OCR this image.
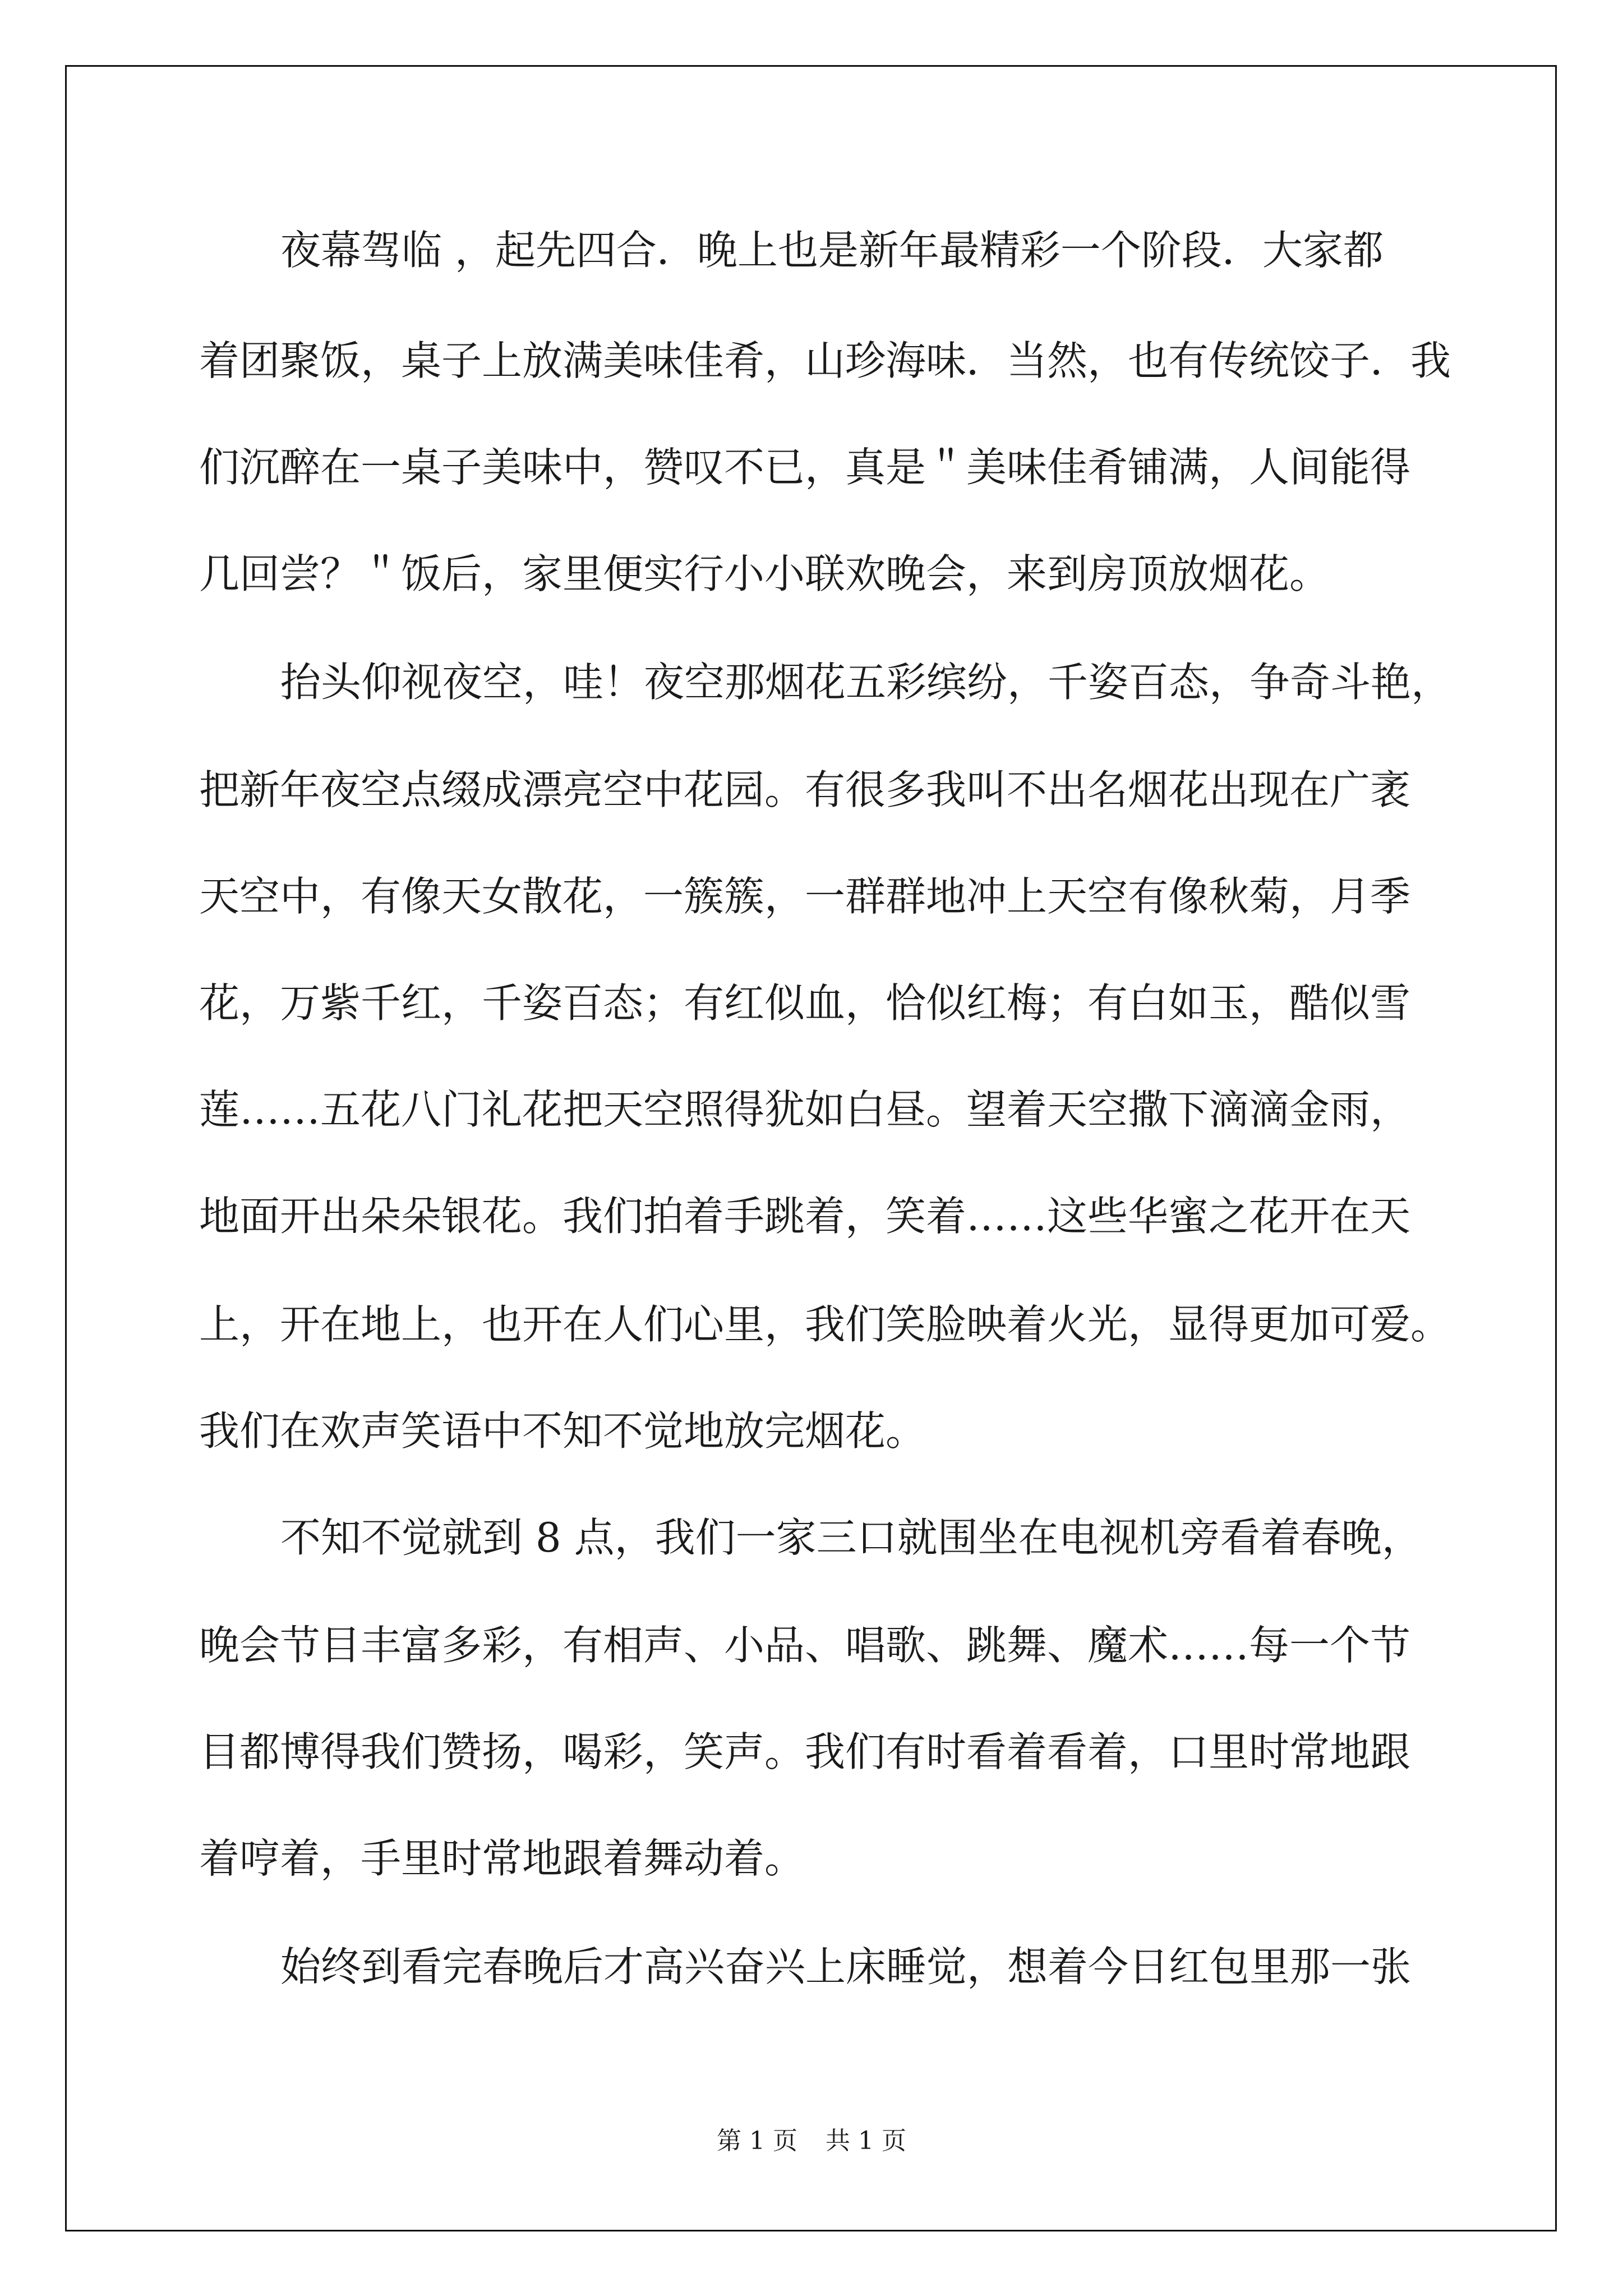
夜幕驾临 ，起先四合．晚上也是新年最精彩一个阶段．大家都

着团聚饭，桌子上放满美味佳肴，山珍海味．当然，也有传统饺子．我

们沉醉在一桌子美味中，赞叹不已，真是＂美味佳肴铺满，人间能得

几回尝？＂饭后，家里便实行小小联欢晚会，来到房顶放烟花。

抬头仰视夜空，哇！夜空那烟花五彩缤纷，千姿百态，争奇斗艳，

把新年夜空点缀成漂亮空中花园。有很多我叫不出名烟花出现在广袤

天空中，有像天女散花，一簇簇，一群群地冲上天空有像秋菊，月季

花，万紫千红，千姿百态；有红似血，恰似红梅；有白如玉，酷似雪

莲……五花八门礼花把天空照得犹如白昼。望着天空撒下滴滴金雨，

地面开出朵朵银花。我们拍着手跳着，笑着……这些华蜜之花开在天

上，开在地上，也开在人们心里，我们笑脸映着火光，显得更加可爱。

我们在欢声笑语中不知不觉地放完烟花。

不知不觉就到 8 点，我们一家三口就围坐在电视机旁看着春晚，

晚会节目丰富多彩，有相声、小品、唱歌、跳舞、魔术……每一个节

目都博得我们赞扬，喝彩，笑声。我们有时看着看着，口里时常地跟

着哼着，手里时常地跟着舞动着。

始终到看完春晚后才高兴奋兴上床睡觉，想着今日红包里那一张

第 1 页 共 1 页
